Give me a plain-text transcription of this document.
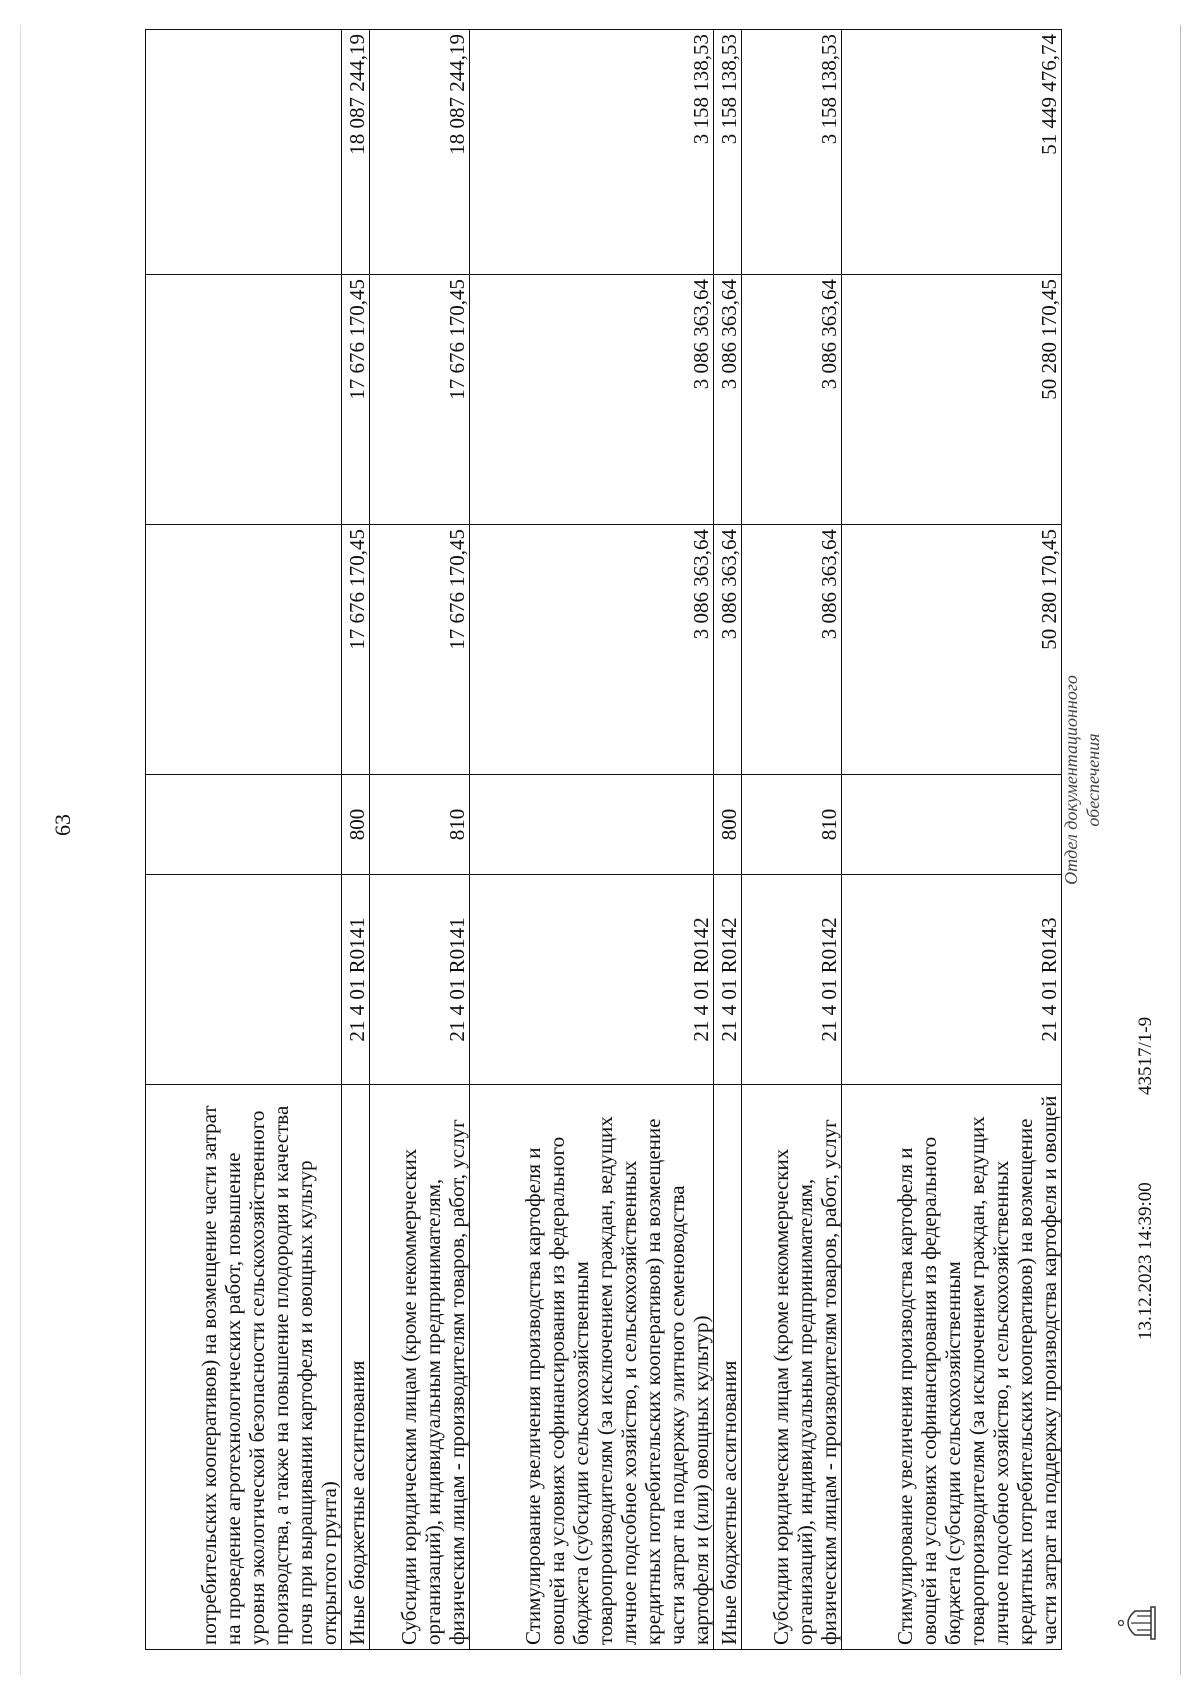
63
потребительских кооперативов) на возмещение части затрат на проведение агротехнологических работ, повышение уровня экологической безопасности сельскохозяйственного производства, а также на повышение плодородия и качества почв при выращивании картофеля и овощных культур открытого грунта)					
Иные бюджетные ассигнования	21 4 01 R0141	800	17 676 170,45	17 676 170,45	18 087 244,19
Субсидии юридическим лицам (кроме некоммерческих организаций), индивидуальным предпринимателям, физическим лицам - производителям товаров, работ, услуг	21 4 01 R0141	810	17 676 170,45	17 676 170,45	18 087 244,19
Стимулирование увеличения производства картофеля и овощей на условиях софинансирования из федерального бюджета (субсидии сельскохозяйственным товаропроизводителям (за исключением граждан, ведущих личное подсобное хозяйство, и сельскохозяйственных кредитных потребительских кооперативов) на возмещение части затрат на поддержку элитного семеноводства картофеля и (или) овощных культур)	21 4 01 R0142		3 086 363,64	3 086 363,64	3 158 138,53
Иные бюджетные ассигнования	21 4 01 R0142	800	3 086 363,64	3 086 363,64	3 158 138,53
Субсидии юридическим лицам (кроме некоммерческих организаций), индивидуальным предпринимателям, физическим лицам - производителям товаров, работ, услуг	21 4 01 R0142	810	3 086 363,64	3 086 363,64	3 158 138,53
Стимулирование увеличения производства картофеля и овощей на условиях софинансирования из федерального бюджета (субсидии сельскохозяйственным товаропроизводителям (за исключением граждан, ведущих личное подсобное хозяйство, и сельскохозяйственных кредитных потребительских кооперативов) на возмещение части затрат на поддержку производства картофеля и овощей	21 4 01 R0143		50 280 170,45	50 280 170,45	51 449 476,74
13.12.2023 14:39:00
43517/1-9
Отдел документационного обеспечения
